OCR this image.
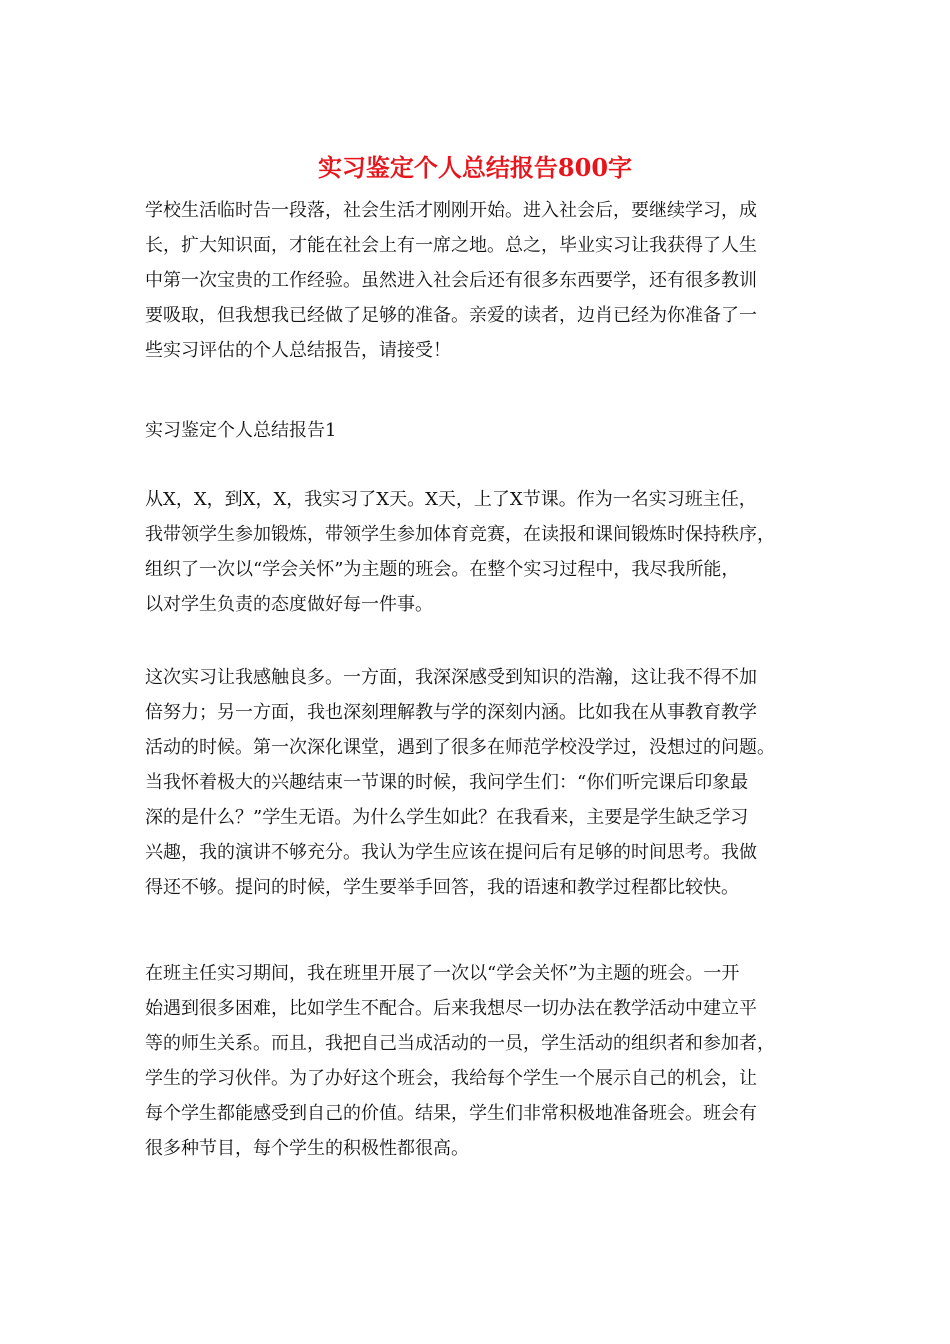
实习鉴定个人总结报告800字
学校生活临时告一段落，社会生活才刚刚开始。进入社会后，要继续学习，成
长，扩大知识面，才能在社会上有一席之地。总之，毕业实习让我获得了人生
中第一次宝贵的工作经验。虽然进入社会后还有很多东西要学，还有很多教训
要吸取，但我想我已经做了足够的准备。亲爱的读者，边肖已经为你准备了一
些实习评估的个人总结报告，请接受！
实习鉴定个人总结报告1
从X，X，到X，X，我实习了X天。X天，上了X节课。作为一名实习班主任，
我带领学生参加锻炼，带领学生参加体育竞赛，在读报和课间锻炼时保持秩序，
组织了一次以“学会关怀”为主题的班会。在整个实习过程中，我尽我所能，
以对学生负责的态度做好每一件事。
这次实习让我感触良多。一方面，我深深感受到知识的浩瀚，这让我不得不加
倍努力；另一方面，我也深刻理解教与学的深刻内涵。比如我在从事教育教学
活动的时候。第一次深化课堂，遇到了很多在师范学校没学过，没想过的问题。
当我怀着极大的兴趣结束一节课的时候，我问学生们：“你们听完课后印象最
深的是什么？”学生无语。为什么学生如此？在我看来，主要是学生缺乏学习
兴趣，我的演讲不够充分。我认为学生应该在提问后有足够的时间思考。我做
得还不够。提问的时候，学生要举手回答，我的语速和教学过程都比较快。
在班主任实习期间，我在班里开展了一次以“学会关怀”为主题的班会。一开
始遇到很多困难，比如学生不配合。后来我想尽一切办法在教学活动中建立平
等的师生关系。而且，我把自己当成活动的一员，学生活动的组织者和参加者，
学生的学习伙伴。为了办好这个班会，我给每个学生一个展示自己的机会，让
每个学生都能感受到自己的价值。结果，学生们非常积极地准备班会。班会有
很多种节目，每个学生的积极性都很高。
